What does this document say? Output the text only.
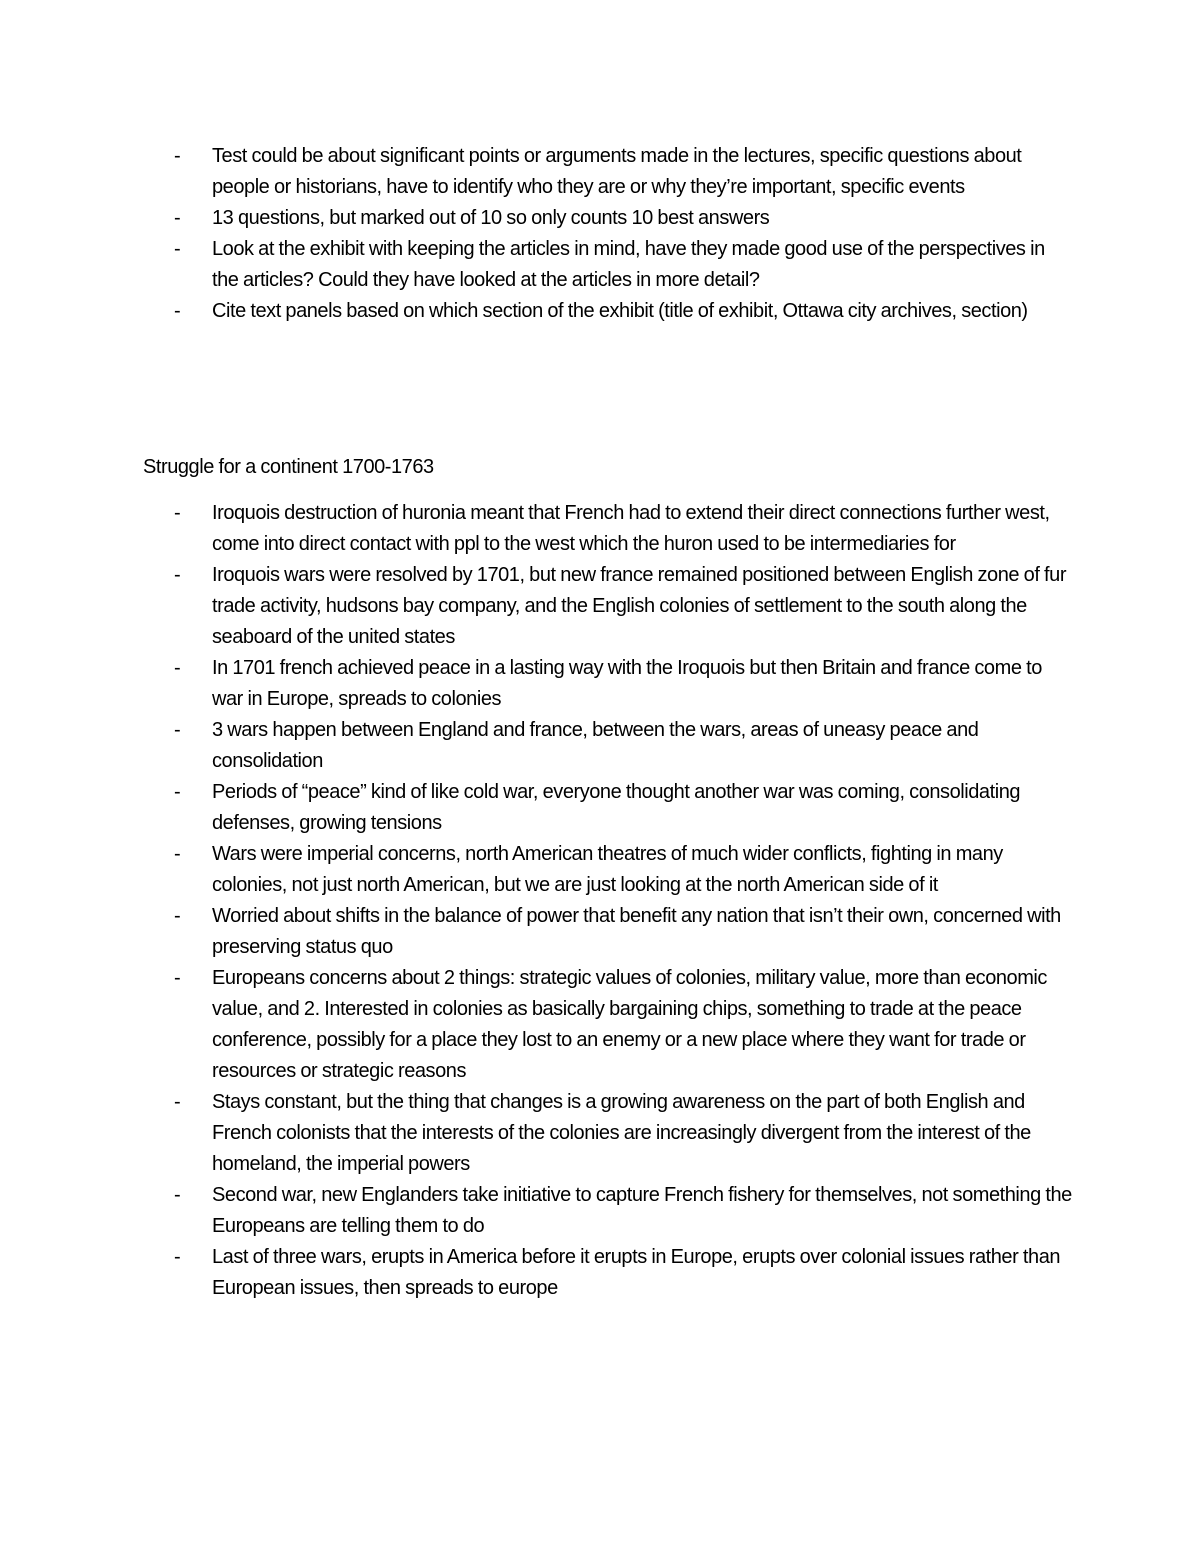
-	Test could be about significant points or arguments made in the lectures, specific questions about people or historians, have to identify who they are or why they’re important, specific events
-	13 questions, but marked out of 10 so only counts 10 best answers
-	Look at the exhibit with keeping the articles in mind, have they made good use of the perspectives in the articles? Could they have looked at the articles in more detail?
-	Cite text panels based on which section of the exhibit (title of exhibit, Ottawa city archives, section)
Struggle for a continent 1700-1763
-	Iroquois destruction of huronia meant that French had to extend their direct connections further west, come into direct contact with ppl to the west which the huron used to be intermediaries for
-	Iroquois wars were resolved by 1701, but new france remained positioned between English zone of fur trade activity, hudsons bay company, and the English colonies of settlement to the south along the seaboard of the united states
-	In 1701 french achieved peace in a lasting way with the Iroquois but then Britain and france come to war in Europe, spreads to colonies
-	3 wars happen between England and france, between the wars, areas of uneasy peace and consolidation
-	Periods of “peace” kind of like cold war, everyone thought another war was coming, consolidating defenses, growing tensions
-	Wars were imperial concerns, north American theatres of much wider conflicts, fighting in many colonies, not just north American, but we are just looking at the north American side of it
-	Worried about shifts in the balance of power that benefit any nation that isn’t their own, concerned with preserving status quo
-	Europeans concerns about 2 things: strategic values of colonies, military value, more than economic value, and 2. Interested in colonies as basically bargaining chips, something to trade at the peace conference, possibly for a place they lost to an enemy or a new place where they want for trade or resources or strategic reasons
-	Stays constant, but the thing that changes is a growing awareness on the part of both English and French colonists that the interests of the colonies are increasingly divergent from the interest of the homeland, the imperial powers
-	Second war, new Englanders take initiative to capture French fishery for themselves, not something the Europeans are telling them to do
-	Last of three wars, erupts in America before it erupts in Europe, erupts over colonial issues rather than European issues, then spreads to europe
